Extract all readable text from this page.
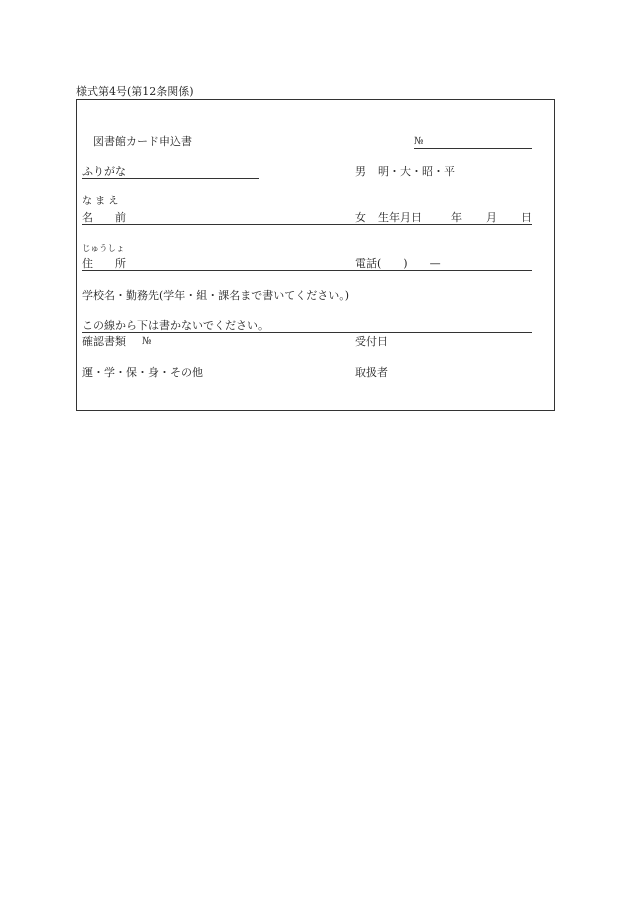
様式第4号(第12条関係)
図書館カード申込書	№
ふりがな	男 明・大・昭・平
な ま え
名　　前	女 生年月日	年 月 日
じゅうしょ
住　　所	電話(　　)　　—
学校名・勤務先(学年・組・課名まで書いてください。)
この線から下は書かないでください。
確認書類 №	受付日
運・学・保・身・その他	取扱者
